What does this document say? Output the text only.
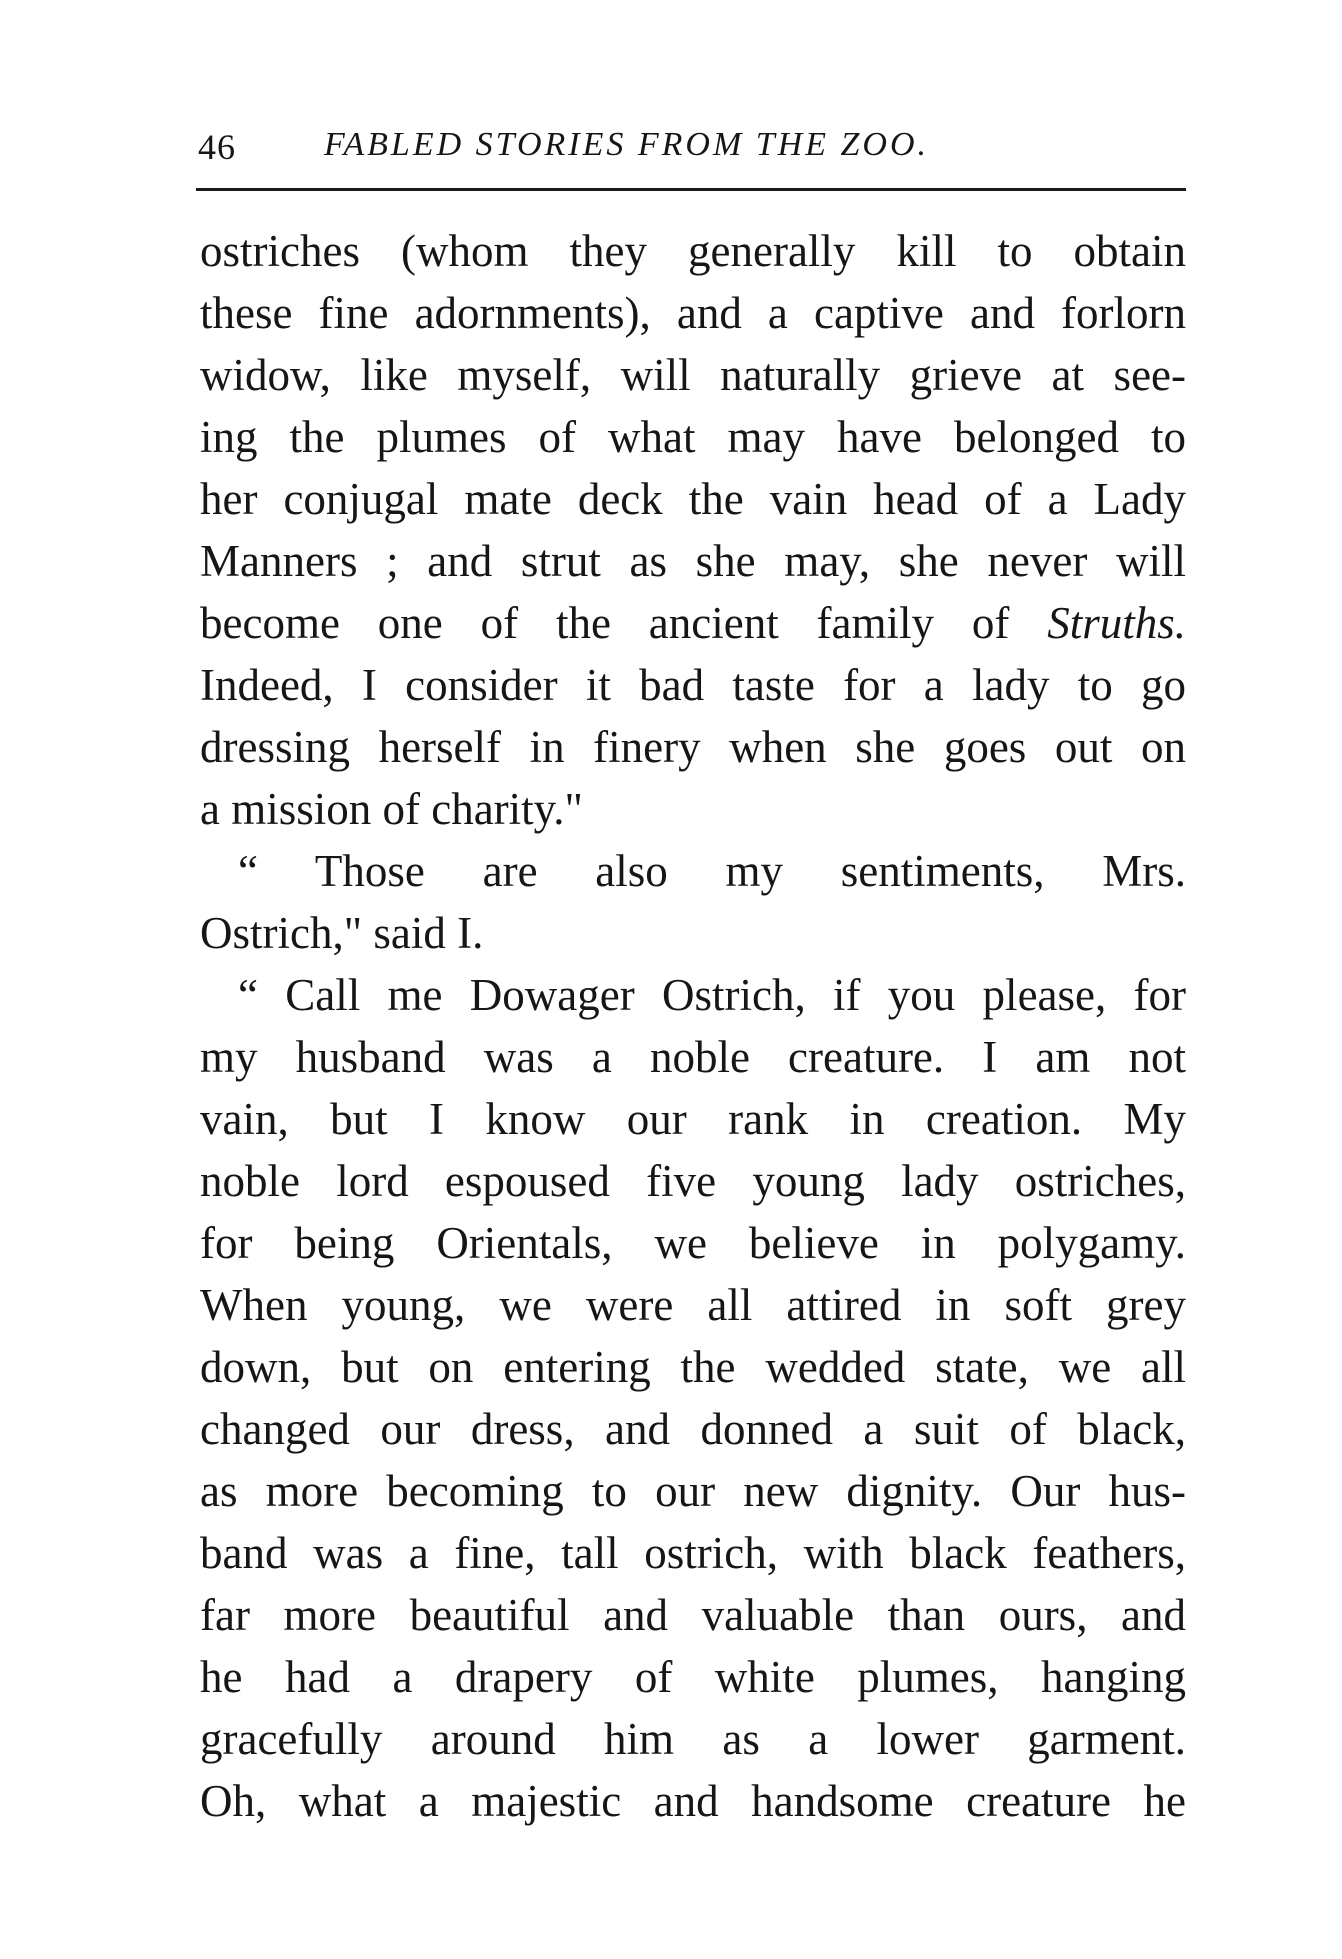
46	FABLED STORIES FROM THE ZOO.
ostriches (whom they generally kill to obtain
these fine adornments), and a captive and forlorn
widow, like myself, will naturally grieve at see-
ing the plumes of what may have belonged to
her conjugal mate deck the vain head of a Lady
Manners ; and strut as she may, she never will
become one of the ancient family of Struths.
Indeed, I consider it bad taste for a lady to go
dressing herself in finery when she goes out on
a mission of charity."
“ Those are also my sentiments, Mrs.
Ostrich," said I.
“ Call me Dowager Ostrich, if you please, for
my husband was a noble creature. I am not
vain, but I know our rank in creation. My
noble lord espoused five young lady ostriches,
for being Orientals, we believe in polygamy.
When young, we were all attired in soft grey
down, but on entering the wedded state, we all
changed our dress, and donned a suit of black,
as more becoming to our new dignity. Our hus-
band was a fine, tall ostrich, with black feathers,
far more beautiful and valuable than ours, and
he had a drapery of white plumes, hanging
gracefully around him as a lower garment.
Oh, what a majestic and handsome creature he
